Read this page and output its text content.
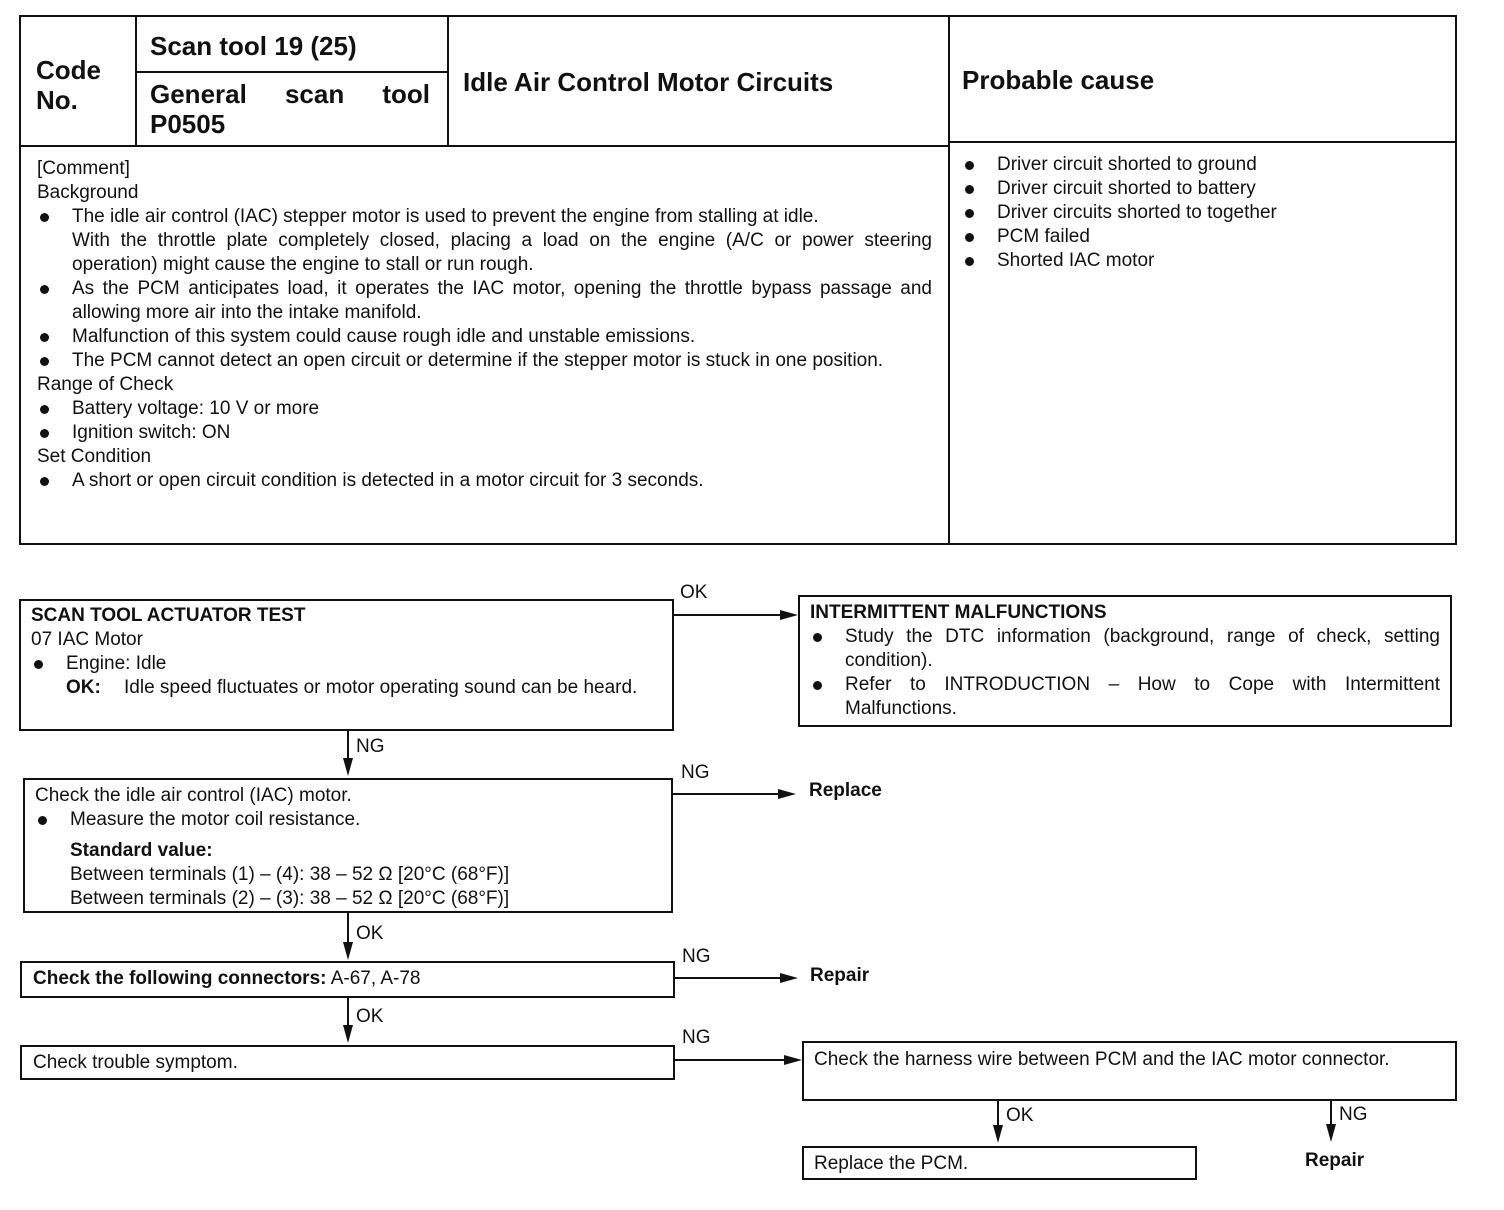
Code No.
Scan tool 19 (25)
General scan tool P0505
Idle Air Control Motor Circuits	Probable cause
[Comment]
Background
The idle air control (IAC) stepper motor is used to prevent the engine from stalling at idle.
With the throttle plate completely closed, placing a load on the engine (A/C or power steering operation) might cause the engine to stall or run rough.
As the PCM anticipates load, it operates the IAC motor, opening the throttle bypass passage and allowing more air into the intake manifold.
Malfunction of this system could cause rough idle and unstable emissions.
The PCM cannot detect an open circuit or determine if the stepper motor is stuck in one position.
Range of Check
Battery voltage: 10 V or more
Ignition switch: ON
Set Condition
A short or open circuit condition is detected in a motor circuit for 3 seconds.
Driver circuit shorted to ground
Driver circuit shorted to battery
Driver circuits shorted to together
PCM failed
Shorted IAC motor
SCAN TOOL ACTUATOR TEST
07 IAC Motor
Engine: Idle
OK: Idle speed fluctuates or motor operating sound can be heard.
OK
INTERMITTENT MALFUNCTIONS
Study the DTC information (background, range of check, setting condition).
Refer to INTRODUCTION – How to Cope with Intermittent Malfunctions.
NG
Check the idle air control (IAC) motor.
Measure the motor coil resistance.
Standard value:
Between terminals (1) – (4): 38 – 52 Ω [20°C (68°F)]
Between terminals (2) – (3): 38 – 52 Ω [20°C (68°F)]
NG
Replace
OK
Check the following connectors: A-67, A-78
NG
Repair
OK
Check trouble symptom.
NG
Check the harness wire between PCM and the IAC motor connector.
OK	NG
Replace the PCM.	Repair
